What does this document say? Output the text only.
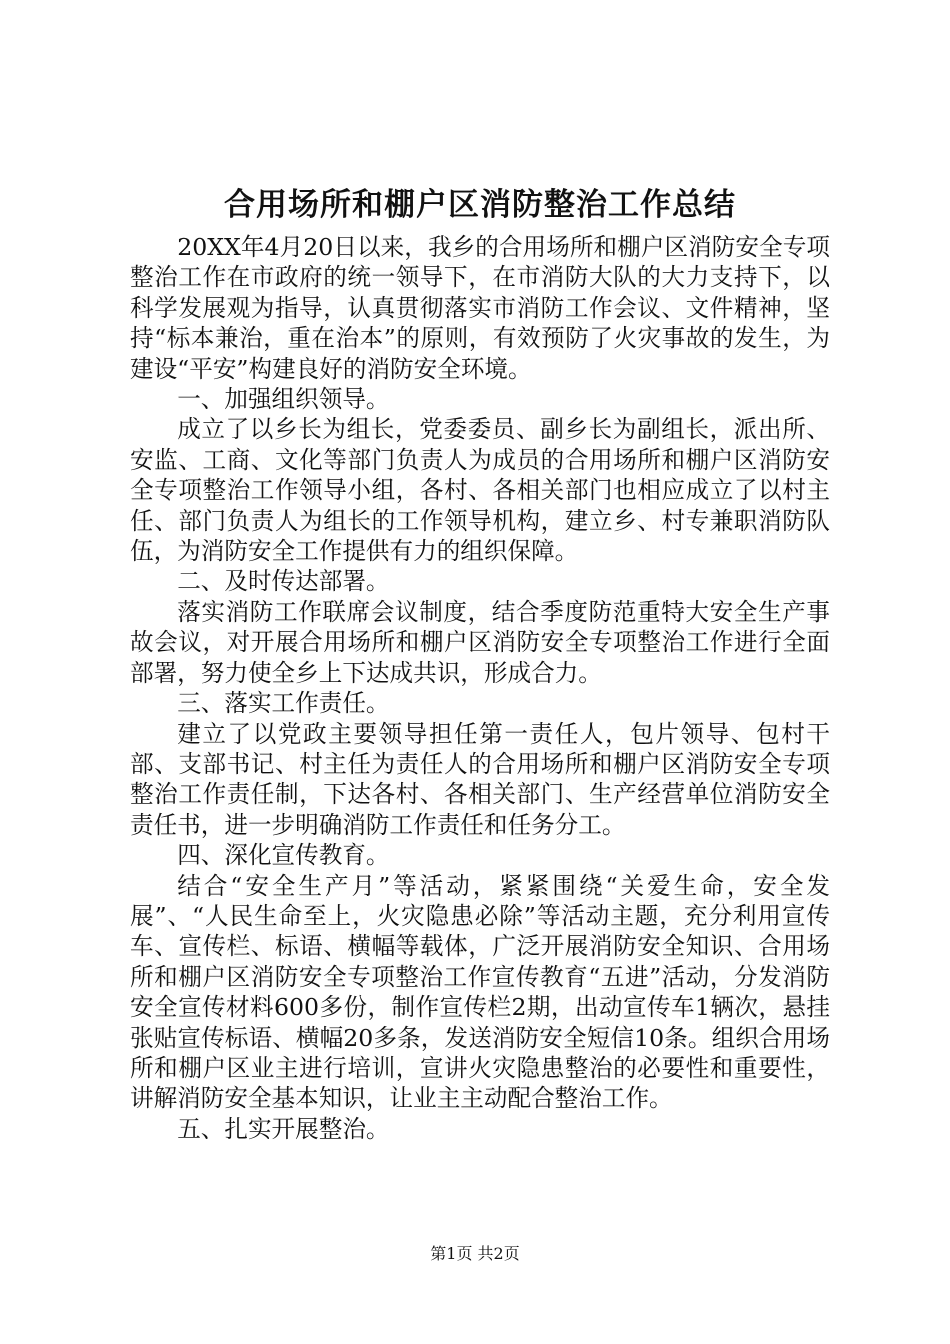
合用场所和棚户区消防整治工作总结

20XX年4月20日以来，我乡的合用场所和棚户区消防安全专项整治工作在市政府的统一领导下，在市消防大队的大力支持下，以科学发展观为指导，认真贯彻落实市消防工作会议、文件精神，坚持“标本兼治，重在治本”的原则，有效预防了火灾事故的发生，为建设“平安”构建良好的消防安全环境。

一、加强组织领导。

成立了以乡长为组长，党委委员、副乡长为副组长，派出所、安监、工商、文化等部门负责人为成员的合用场所和棚户区消防安全专项整治工作领导小组，各村、各相关部门也相应成立了以村主任、部门负责人为组长的工作领导机构，建立乡、村专兼职消防队伍，为消防安全工作提供有力的组织保障。

二、及时传达部署。

落实消防工作联席会议制度，结合季度防范重特大安全生产事故会议，对开展合用场所和棚户区消防安全专项整治工作进行全面部署，努力使全乡上下达成共识，形成合力。

三、落实工作责任。

建立了以党政主要领导担任第一责任人，包片领导、包村干部、支部书记、村主任为责任人的合用场所和棚户区消防安全专项整治工作责任制，下达各村、各相关部门、生产经营单位消防安全责任书，进一步明确消防工作责任和任务分工。

四、深化宣传教育。

结合“安全生产月”等活动，紧紧围绕“关爱生命，安全发展”、“人民生命至上，火灾隐患必除”等活动主题，充分利用宣传车、宣传栏、标语、横幅等载体，广泛开展消防安全知识、合用场所和棚户区消防安全专项整治工作宣传教育“五进”活动，分发消防安全宣传材料600多份，制作宣传栏2期，出动宣传车1辆次，悬挂张贴宣传标语、横幅20多条，发送消防安全短信10条。组织合用场所和棚户区业主进行培训，宣讲火灾隐患整治的必要性和重要性，讲解消防安全基本知识，让业主主动配合整治工作。

五、扎实开展整治。

第1页 共2页
